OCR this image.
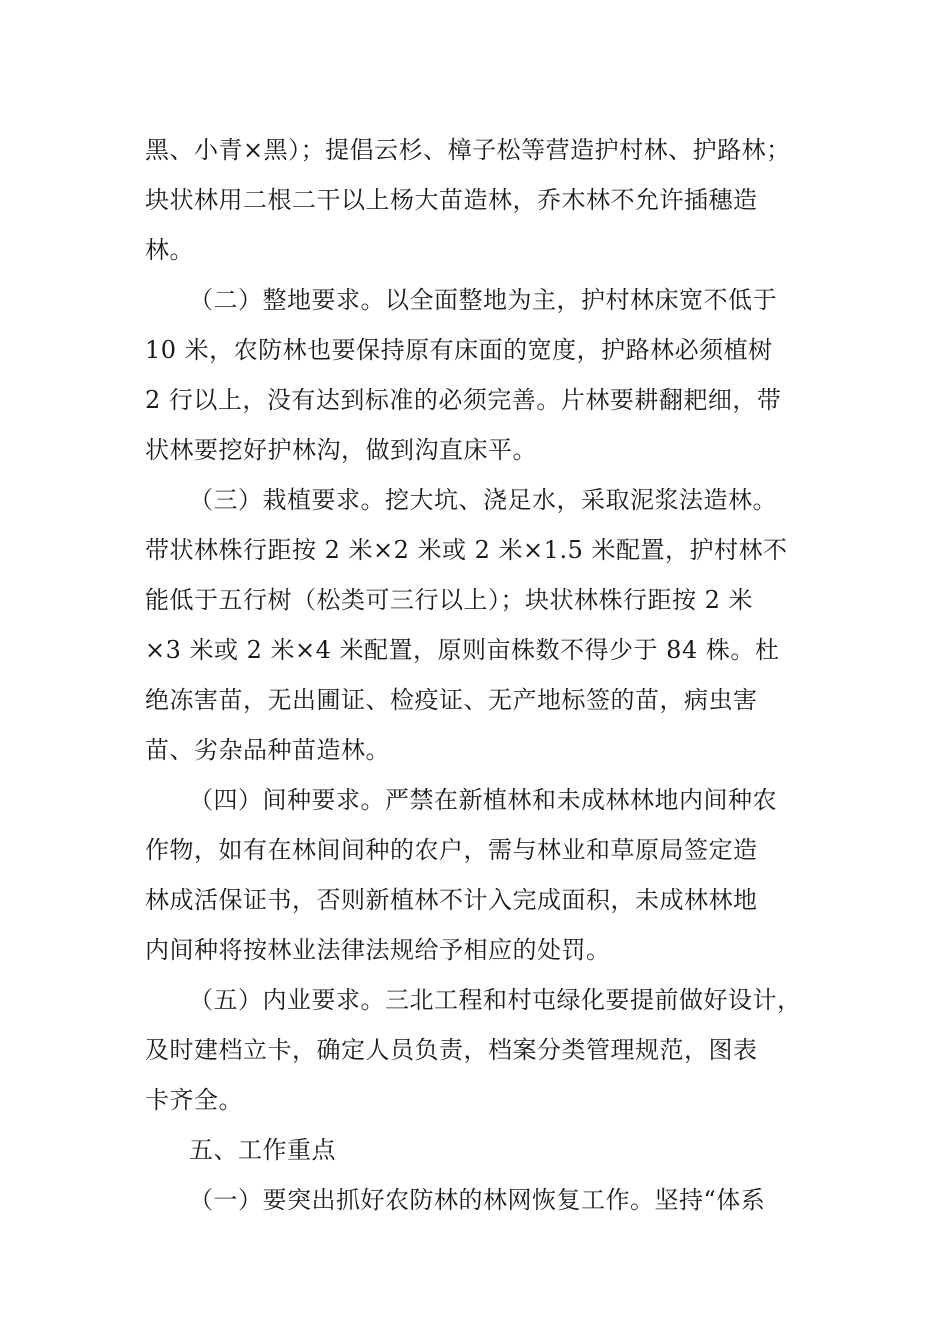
黑、小青×黑）；提倡云杉、樟子松等营造护村林、护路林；
块状林用二根二干以上杨大苗造林，乔木林不允许插穗造
林。
（二）整地要求。以全面整地为主，护村林床宽不低于
10 米，农防林也要保持原有床面的宽度，护路林必须植树
2 行以上，没有达到标准的必须完善。片林要耕翻耙细，带
状林要挖好护林沟，做到沟直床平。
（三）栽植要求。挖大坑、浇足水，采取泥浆法造林。
带状林株行距按 2 米×2 米或 2 米×1.5 米配置，护村林不
能低于五行树（松类可三行以上）；块状林株行距按 2 米
×3 米或 2 米×4 米配置，原则亩株数不得少于 84 株。杜
绝冻害苗，无出圃证、检疫证、无产地标签的苗，病虫害
苗、劣杂品种苗造林。
（四）间种要求。严禁在新植林和未成林林地内间种农
作物，如有在林间间种的农户，需与林业和草原局签定造
林成活保证书，否则新植林不计入完成面积，未成林林地
内间种将按林业法律法规给予相应的处罚。
（五）内业要求。三北工程和村屯绿化要提前做好设计，
及时建档立卡，确定人员负责，档案分类管理规范，图表
卡齐全。
五、工作重点
（一）要突出抓好农防林的林网恢复工作。坚持“体系
